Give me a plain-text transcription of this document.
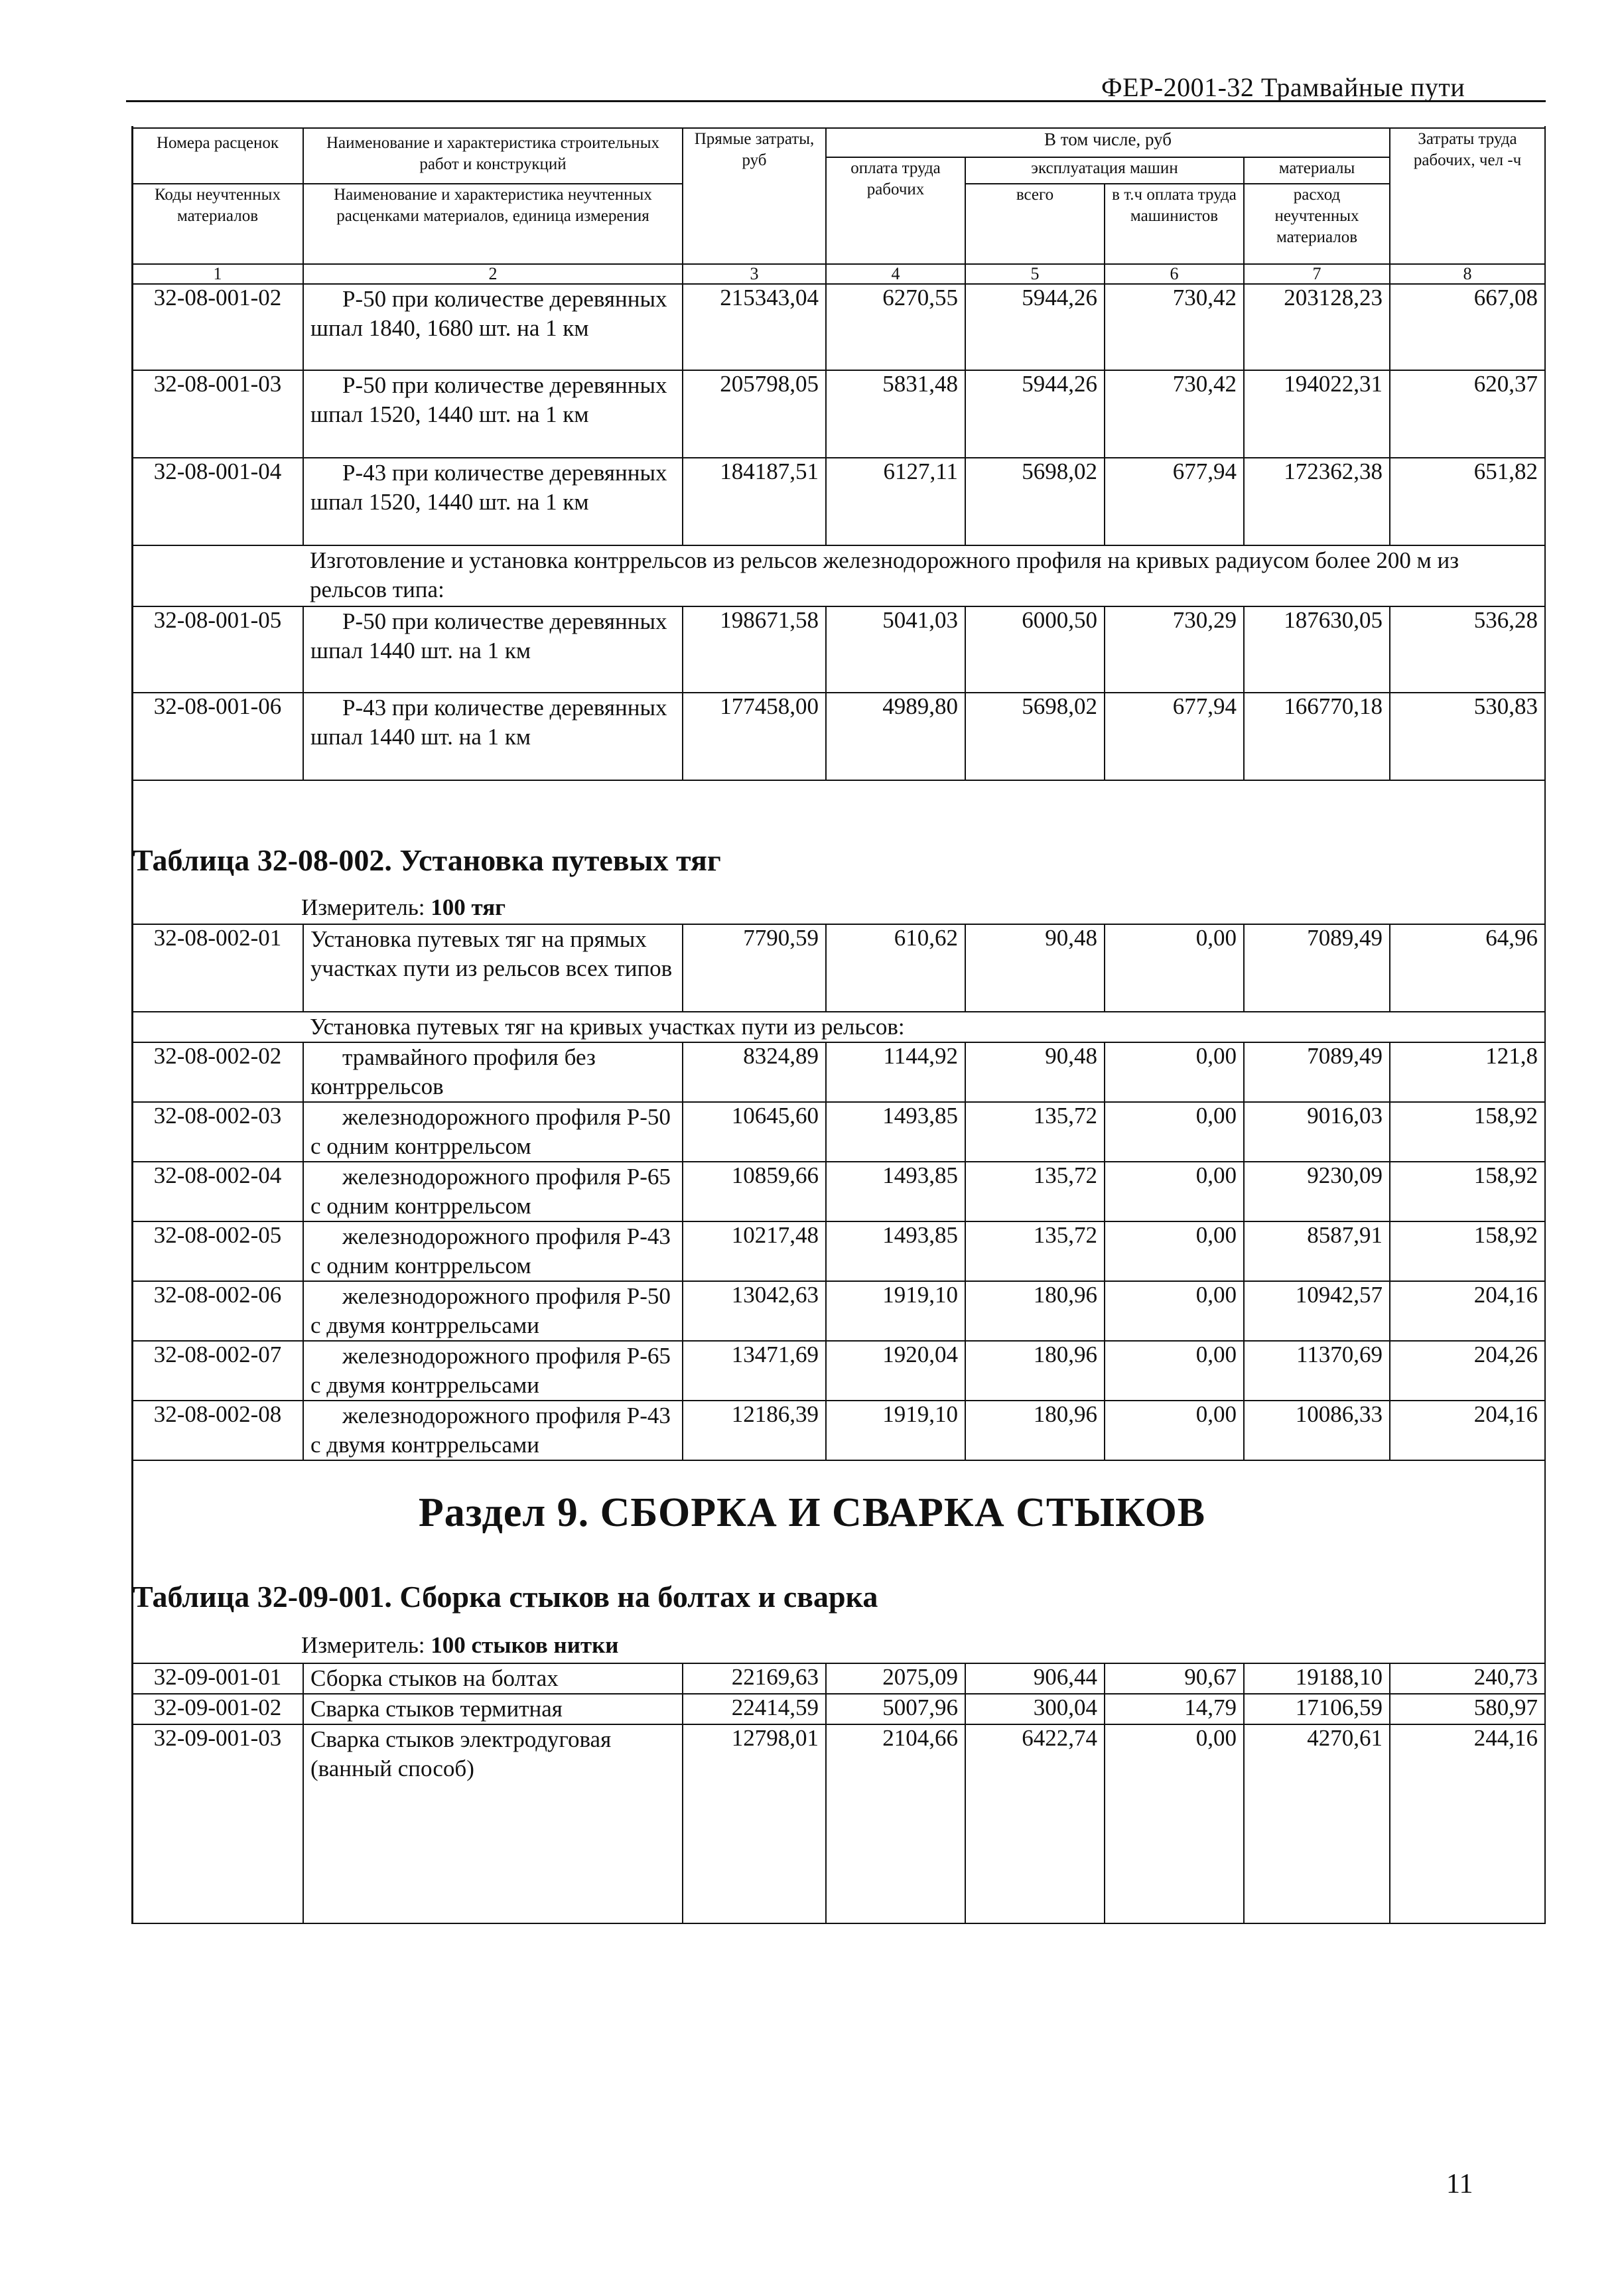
ФЕР-2001-32 Трамвайные пути
Номера расценок	Наименование и характеристика строительных работ и конструкций	Прямые затраты, руб	В том числе, руб				Затраты труда рабочих, чел -ч
			оплата труда рабочих	эксплуатация машин		материалы	
Коды неучтенных материалов	Наименование и характеристика неучтенных расценками материалов, единица измерения			всего	в т.ч оплата труда машинистов	расход неучтенных материалов	

1	2	3	4	5	6	7	8
32-08-001-02	Р-50 при количестве деревянных шпал 1840, 1680 шт. на 1 км	215343,04	6270,55	5944,26	730,42	203128,23	667,08
32-08-001-03	Р-50 при количестве деревянных шпал 1520, 1440 шт. на 1 км	205798,05	5831,48	5944,26	730,42	194022,31	620,37
32-08-001-04	Р-43 при количестве деревянных шпал 1520, 1440 шт. на 1 км	184187,51	6127,11	5698,02	677,94	172362,38	651,82
	Изготовление и установка контррельсов из рельсов железнодорожного профиля на кривых радиусом более 200 м из рельсов типа:						
32-08-001-05	Р-50 при количестве деревянных шпал 1440 шт. на 1 км	198671,58	5041,03	6000,50	730,29	187630,05	536,28
32-08-001-06	Р-43 при количестве деревянных шпал 1440 шт. на 1 км	177458,00	4989,80	5698,02	677,94	166770,18	530,83
Таблица 32-08-002. Установка путевых тяг
Измеритель: 100 тяг
32-08-002-01	Установка путевых тяг на прямых участках пути из рельсов всех типов	7790,59	610,62	90,48	0,00	7089,49	64,96
	Установка путевых тяг на кривых участках пути из рельсов:						
32-08-002-02	трамвайного профиля без контррельсов	8324,89	1144,92	90,48	0,00	7089,49	121,8
32-08-002-03	железнодорожного профиля Р-50 с одним контррельсом	10645,60	1493,85	135,72	0,00	9016,03	158,92
32-08-002-04	железнодорожного профиля Р-65 с одним контррельсом	10859,66	1493,85	135,72	0,00	9230,09	158,92
32-08-002-05	железнодорожного профиля Р-43 с одним контррельсом	10217,48	1493,85	135,72	0,00	8587,91	158,92
32-08-002-06	железнодорожного профиля Р-50 с двумя контррельсами	13042,63	1919,10	180,96	0,00	10942,57	204,16
32-08-002-07	железнодорожного профиля Р-65 с двумя контррельсами	13471,69	1920,04	180,96	0,00	11370,69	204,26
32-08-002-08	железнодорожного профиля Р-43 с двумя контррельсами	12186,39	1919,10	180,96	0,00	10086,33	204,16
Раздел 9. СБОРКА И СВАРКА СТЫКОВ
Таблица 32-09-001. Сборка стыков на болтах и сварка
Измеритель: 100 стыков нитки
32-09-001-01	Сборка стыков на болтах	22169,63	2075,09	906,44	90,67	19188,10	240,73
32-09-001-02	Сварка стыков термитная	22414,59	5007,96	300,04	14,79	17106,59	580,97
32-09-001-03	Сварка стыков электродуговая (ванный способ)	12798,01	2104,66	6422,74	0,00	4270,61	244,16
11
